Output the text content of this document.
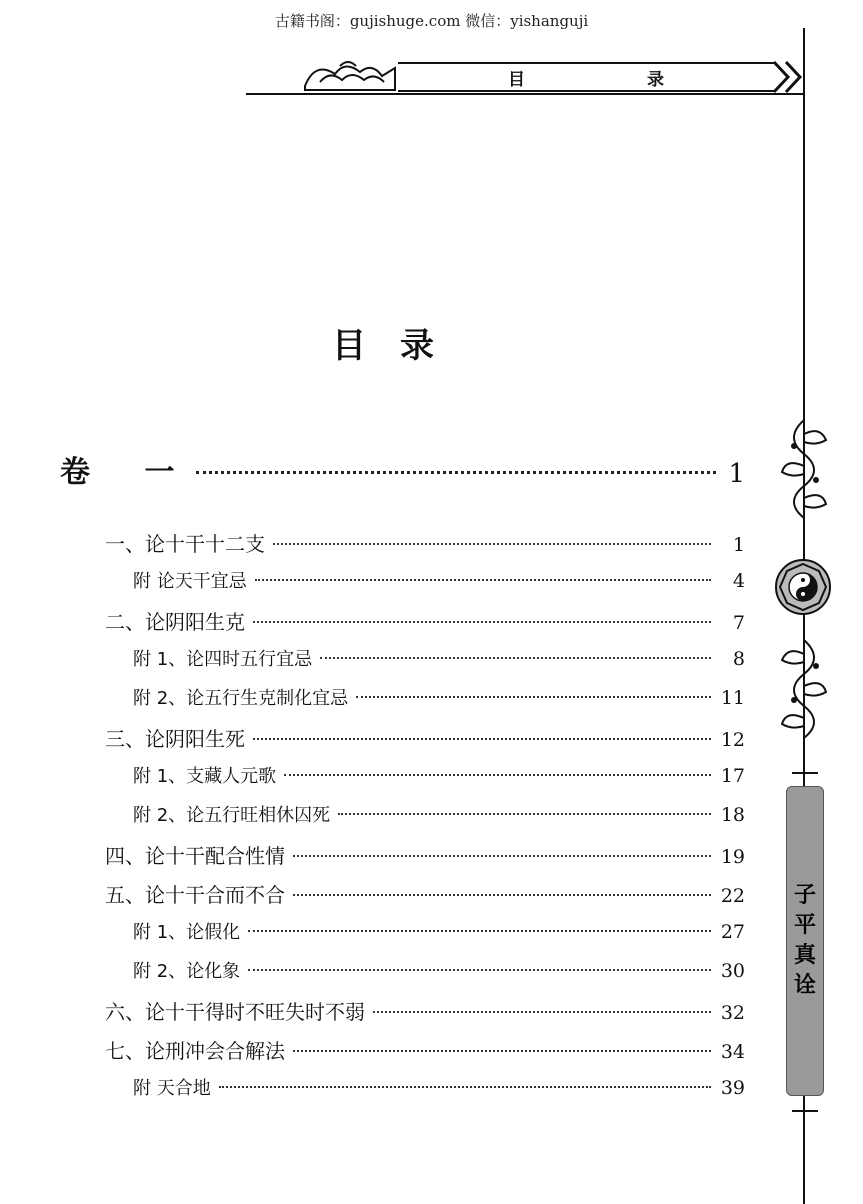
古籍书阁：gujishuge.com 微信：yishanguji
目 录
目录
卷 一	1
一、论十干十二支	1
附 论天干宜忌	4
二、论阴阳生克	7
附 1、论四时五行宜忌	8
附 2、论五行生克制化宜忌	11
三、论阴阳生死	12
附 1、支藏人元歌	17
附 2、论五行旺相休囚死	18
四、论十干配合性情	19
五、论十干合而不合	22
附 1、论假化	27
附 2、论化象	30
六、论十干得时不旺失时不弱	32
七、论刑冲会合解法	34
附 天合地	39
子
平
真
诠
